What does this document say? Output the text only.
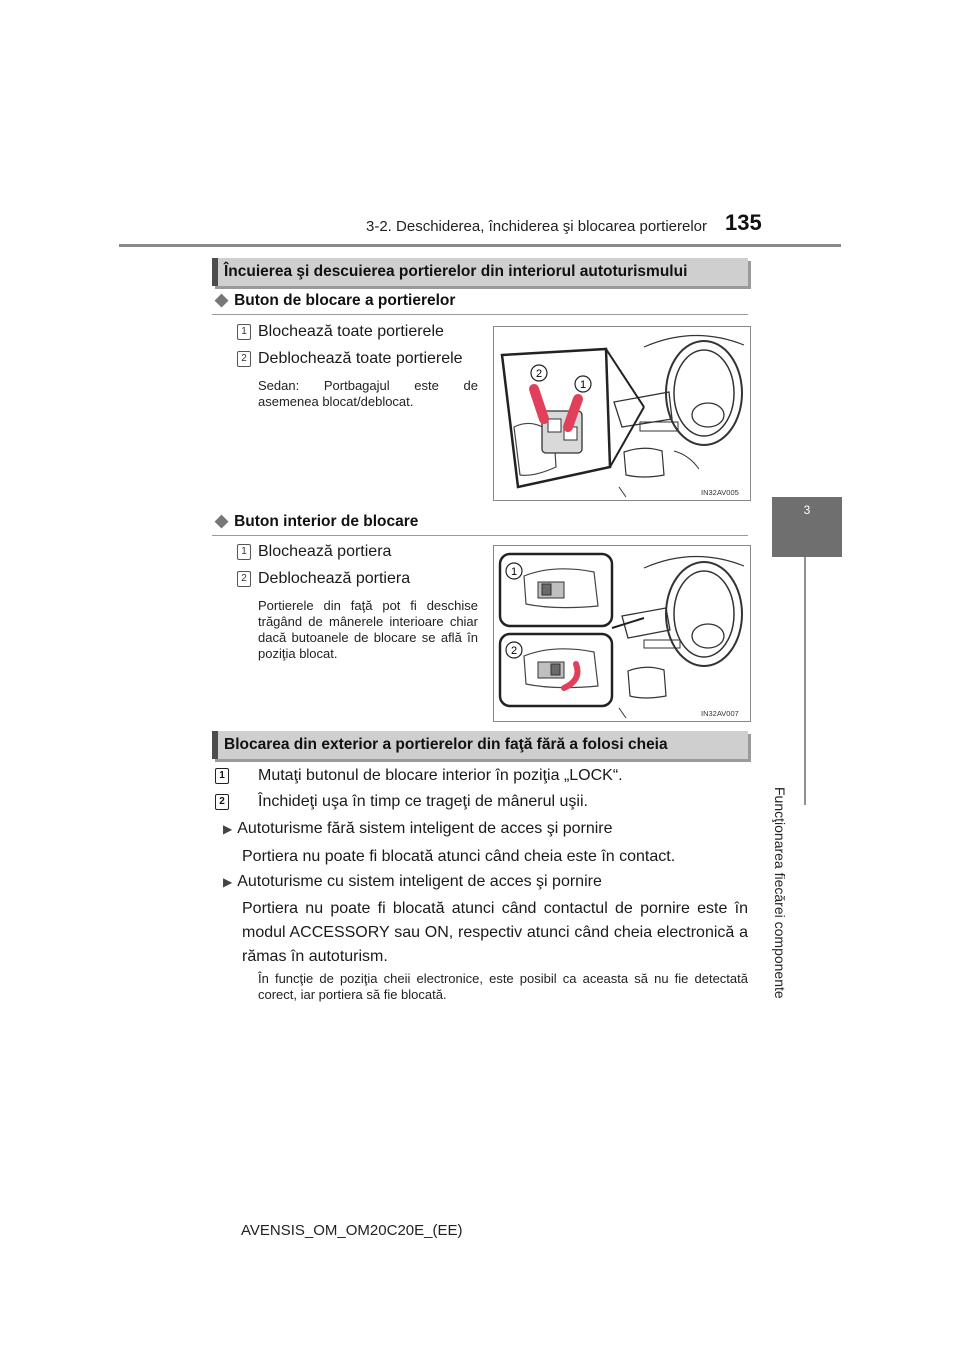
3-2. Deschiderea, închiderea şi blocarea portierelor 135
3
Funcţionarea fiecărei componente
Încuierea şi descuierea portierelor din interiorul autoturismului
◆ Buton de blocare a portierelor
1 Blochează toate portierele
2 Deblochează toate portierele
Sedan: Portbagajul este de asemenea blocat/deblocat.
2
1
IN32AV005
◆ Buton interior de blocare
1 Blochează portiera
2 Deblochează portiera
Portierele din faţă pot fi deschise trăgând de mânerele interioare chiar dacă butoanele de blocare se află în poziţia blocat.
1
2
IN32AV007
Blocarea din exterior a portierelor din faţă fără a folosi cheia
1 Mutaţi butonul de blocare interior în poziţia „LOCK“.
2 Închideţi uşa în timp ce trageţi de mânerul uşii.
▶ Autoturisme fără sistem inteligent de acces şi pornire
Portiera nu poate fi blocată atunci când cheia este în contact.
▶ Autoturisme cu sistem inteligent de acces şi pornire
Portiera nu poate fi blocată atunci când contactul de pornire este în modul ACCESSORY sau ON, respectiv atunci când cheia electronică a rămas în autoturism.
În funcţie de poziţia cheii electronice, este posibil ca aceasta să nu fie detectată corect, iar portiera să fie blocată.
AVENSIS_OM_OM20C20E_(EE)
